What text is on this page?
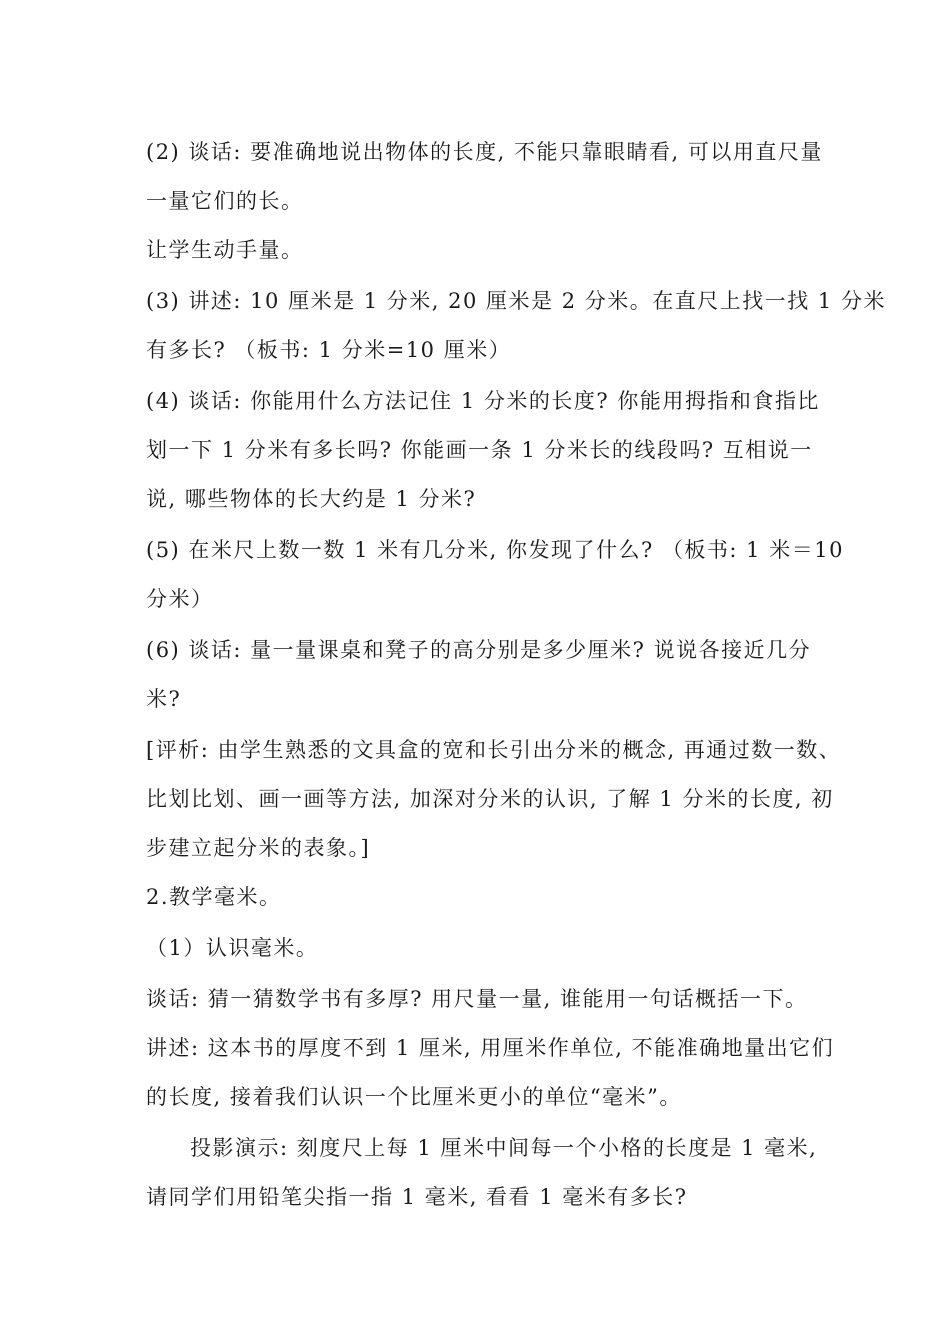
(2) 谈话: 要准确地说出物体的长度, 不能只靠眼睛看, 可以用直尺量
一量它们的长。
让学生动手量。
(3) 讲述: 10 厘米是 1 分米, 20 厘米是 2 分米。在直尺上找一找 1 分米
有多长? （板书: 1 分米=10 厘米）
(4) 谈话: 你能用什么方法记住 1 分米的长度? 你能用拇指和食指比
划一下 1 分米有多长吗? 你能画一条 1 分米长的线段吗? 互相说一
说, 哪些物体的长大约是 1 分米?
(5) 在米尺上数一数 1 米有几分米, 你发现了什么? （板书: 1 米＝10
分米）
(6) 谈话: 量一量课桌和凳子的高分别是多少厘米? 说说各接近几分
米?
[评析: 由学生熟悉的文具盒的宽和长引出分米的概念, 再通过数一数、
比划比划、画一画等方法, 加深对分米的认识, 了解 1 分米的长度, 初
步建立起分米的表象。]
2.教学毫米。
（1）认识毫米。
谈话: 猜一猜数学书有多厚? 用尺量一量, 谁能用一句话概括一下。
讲述: 这本书的厚度不到 1 厘米, 用厘米作单位, 不能准确地量出它们
的长度, 接着我们认识一个比厘米更小的单位“毫米”。
投影演示: 刻度尺上每 1 厘米中间每一个小格的长度是 1 毫米,
请同学们用铅笔尖指一指 1 毫米, 看看 1 毫米有多长?
